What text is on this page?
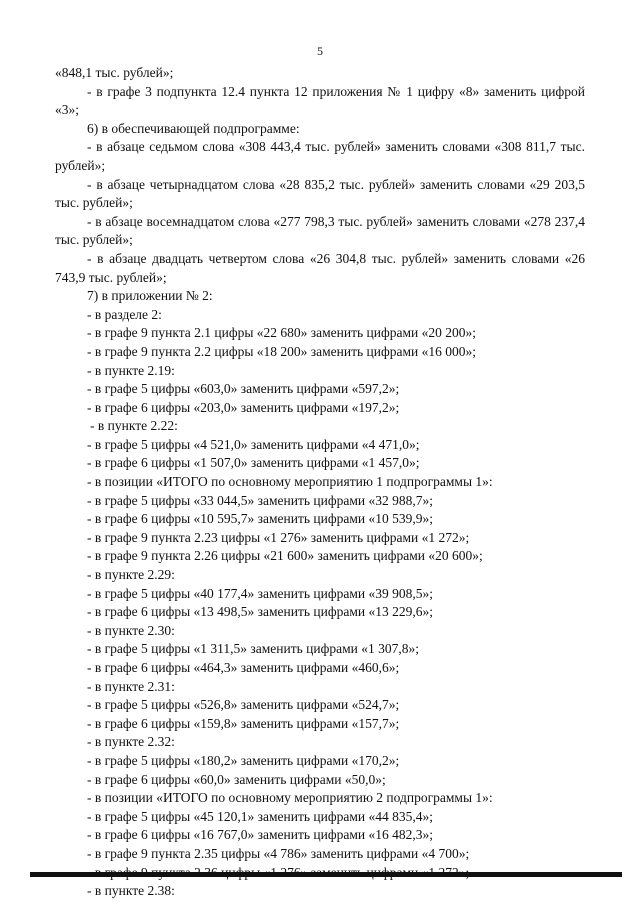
5

«848,1 тыс. рублей»;

- в графе 3 подпункта 12.4 пункта 12 приложения № 1 цифру «8» заменить цифрой «3»;

6) в обеспечивающей подпрограмме:

- в абзаце седьмом слова «308 443,4 тыс. рублей» заменить словами «308 811,7 тыс. рублей»;

- в абзаце четырнадцатом слова «28 835,2 тыс. рублей» заменить словами «29 203,5 тыс. рублей»;

- в абзаце восемнадцатом слова «277 798,3 тыс. рублей» заменить словами «278 237,4 тыс. рублей»;

- в абзаце двадцать четвертом слова «26 304,8 тыс. рублей» заменить словами «26 743,9 тыс. рублей»;

7) в приложении № 2:

- в разделе 2:

- в графе 9 пункта 2.1 цифры «22 680» заменить цифрами «20 200»;

- в графе 9 пункта 2.2 цифры «18 200» заменить цифрами «16 000»;

- в пункте 2.19:

- в графе 5 цифры «603,0» заменить цифрами «597,2»;

- в графе 6 цифры «203,0» заменить цифрами «197,2»;

- в пункте 2.22:

- в графе 5 цифры «4 521,0» заменить цифрами «4 471,0»;

- в графе 6 цифры «1 507,0» заменить цифрами «1 457,0»;

- в позиции «ИТОГО по основному мероприятию 1 подпрограммы 1»:

- в графе 5 цифры «33 044,5» заменить цифрами «32 988,7»;

- в графе 6 цифры «10 595,7» заменить цифрами «10 539,9»;

- в графе 9 пункта 2.23 цифры «1 276» заменить цифрами «1 272»;

- в графе 9 пункта 2.26 цифры «21 600» заменить цифрами «20 600»;

- в пункте 2.29:

- в графе 5 цифры «40 177,4» заменить цифрами «39 908,5»;

- в графе 6 цифры «13 498,5» заменить цифрами «13 229,6»;

- в пункте 2.30:

- в графе 5 цифры «1 311,5» заменить цифрами «1 307,8»;

- в графе 6 цифры «464,3» заменить цифрами «460,6»;

- в пункте 2.31:

- в графе 5 цифры «526,8» заменить цифрами «524,7»;

- в графе 6 цифры «159,8» заменить цифрами «157,7»;

- в пункте 2.32:

- в графе 5 цифры «180,2» заменить цифрами «170,2»;

- в графе 6 цифры «60,0» заменить цифрами «50,0»;

- в позиции «ИТОГО по основному мероприятию 2 подпрограммы 1»:

- в графе 5 цифры «45 120,1» заменить цифрами «44 835,4»;

- в графе 6 цифры «16 767,0» заменить цифрами «16 482,3»;

- в графе 9 пункта 2.35 цифры «4 786» заменить цифрами «4 700»;

- в пункте 2.38:
